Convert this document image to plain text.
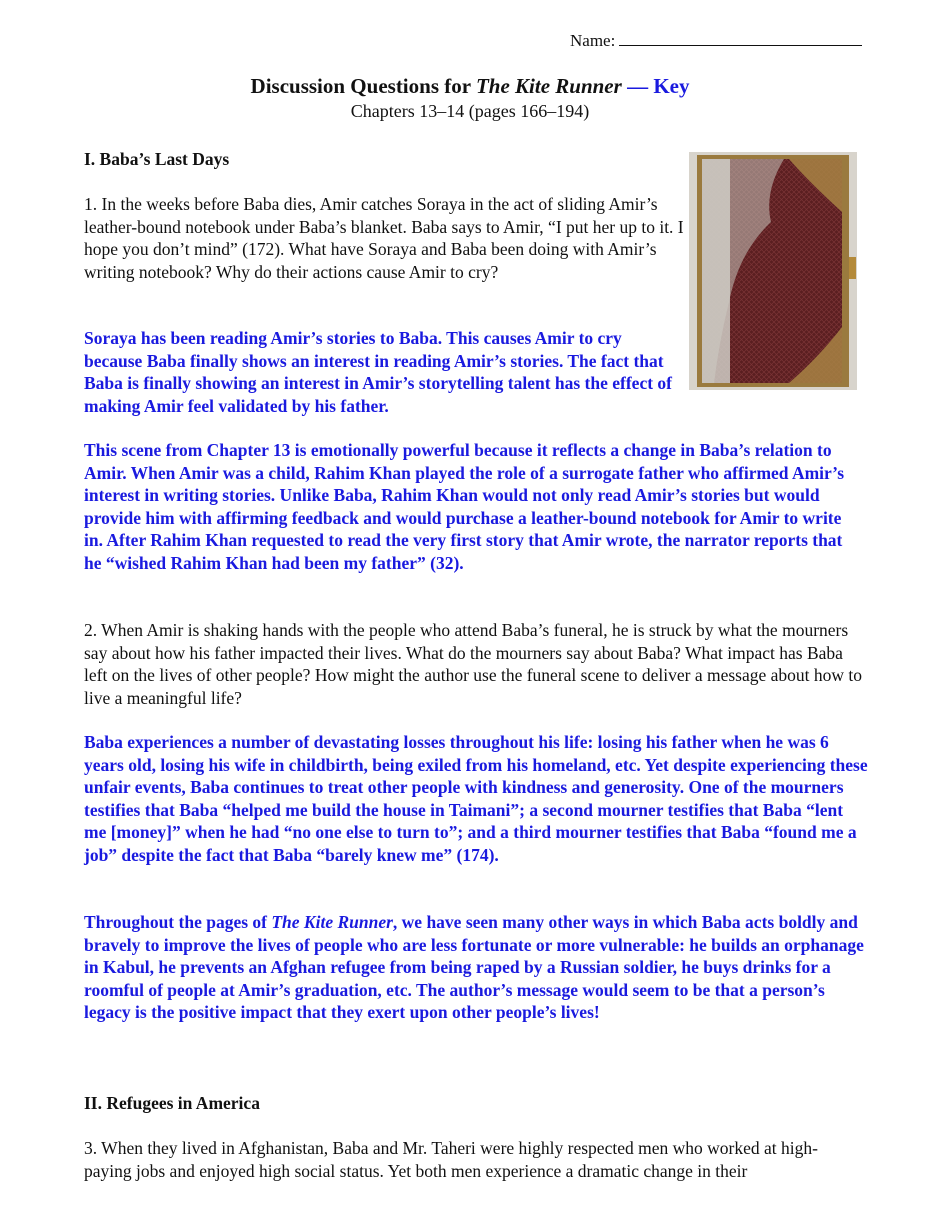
Name:
Discussion Questions for The Kite Runner — Key
Chapters 13–14 (pages 166–194)
I. Baba’s Last Days

1. In the weeks before Baba dies, Amir catches Soraya in the act of sliding Amir’s leather-bound notebook under Baba’s blanket. Baba says to Amir, “I put her up to it. I hope you don’t mind” (172). What have Soraya and Baba been doing with Amir’s writing notebook? Why do their actions cause Amir to cry?

Soraya has been reading Amir’s stories to Baba. This causes Amir to cry because Baba finally shows an interest in reading Amir’s stories. The fact that Baba is finally showing an interest in Amir’s storytelling talent has the effect of making Amir feel validated by his father.

This scene from Chapter 13 is emotionally powerful because it reflects a change in Baba’s relation to Amir. When Amir was a child, Rahim Khan played the role of a surrogate father who affirmed Amir’s interest in writing stories. Unlike Baba, Rahim Khan would not only read Amir’s stories but would provide him with affirming feedback and would purchase a leather-bound notebook for Amir to write in. After Rahim Khan requested to read the very first story that Amir wrote, the narrator reports that he “wished Rahim Khan had been my father” (32).

2. When Amir is shaking hands with the people who attend Baba’s funeral, he is struck by what the mourners say about how his father impacted their lives. What do the mourners say about Baba? What impact has Baba left on the lives of other people? How might the author use the funeral scene to deliver a message about how to live a meaningful life?

Baba experiences a number of devastating losses throughout his life: losing his father when he was 6 years old, losing his wife in childbirth, being exiled from his homeland, etc. Yet despite experiencing these unfair events, Baba continues to treat other people with kindness and generosity. One of the mourners testifies that Baba “helped me build the house in Taimani”; a second mourner testifies that Baba “lent me [money]” when he had “no one else to turn to”; and a third mourner testifies that Baba “found me a job” despite the fact that Baba “barely knew me” (174).

Throughout the pages of The Kite Runner, we have seen many other ways in which Baba acts boldly and bravely to improve the lives of people who are less fortunate or more vulnerable: he builds an orphanage in Kabul, he prevents an Afghan refugee from being raped by a Russian soldier, he buys drinks for a roomful of people at Amir’s graduation, etc. The author’s message would seem to be that a person’s legacy is the positive impact that they exert upon other people’s lives!

II. Refugees in America

3. When they lived in Afghanistan, Baba and Mr. Taheri were highly respected men who worked at high-paying jobs and enjoyed high social status. Yet both men experience a dramatic change in their
